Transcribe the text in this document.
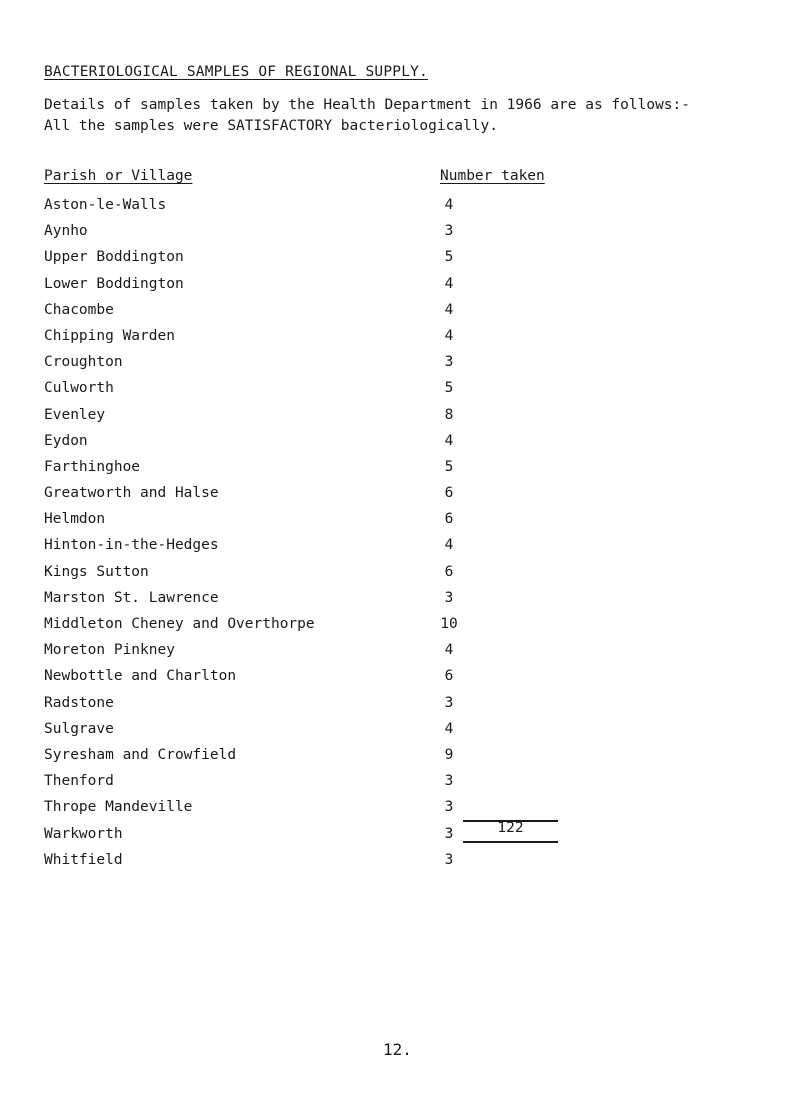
BACTERIOLOGICAL SAMPLES OF REGIONAL SUPPLY.
Details of samples taken by the Health Department in 1966 are as follows:-
All the samples were SATISFACTORY bacteriologically.
Parish or Village	Number taken
Aston-le-Walls	4
Aynho	3
Upper Boddington	5
Lower Boddington	4
Chacombe	4
Chipping Warden	4
Croughton	3
Culworth	5
Evenley	8
Eydon	4
Farthinghoe	5
Greatworth and Halse	6
Helmdon	6
Hinton-in-the-Hedges	4
Kings Sutton	6
Marston St. Lawrence	3
Middleton Cheney and Overthorpe	10
Moreton Pinkney	4
Newbottle and Charlton	6
Radstone	3
Sulgrave	4
Syresham and Crowfield	9
Thenford	3
Thrope Mandeville	3
Warkworth	3
Whitfield	3
122
12.
